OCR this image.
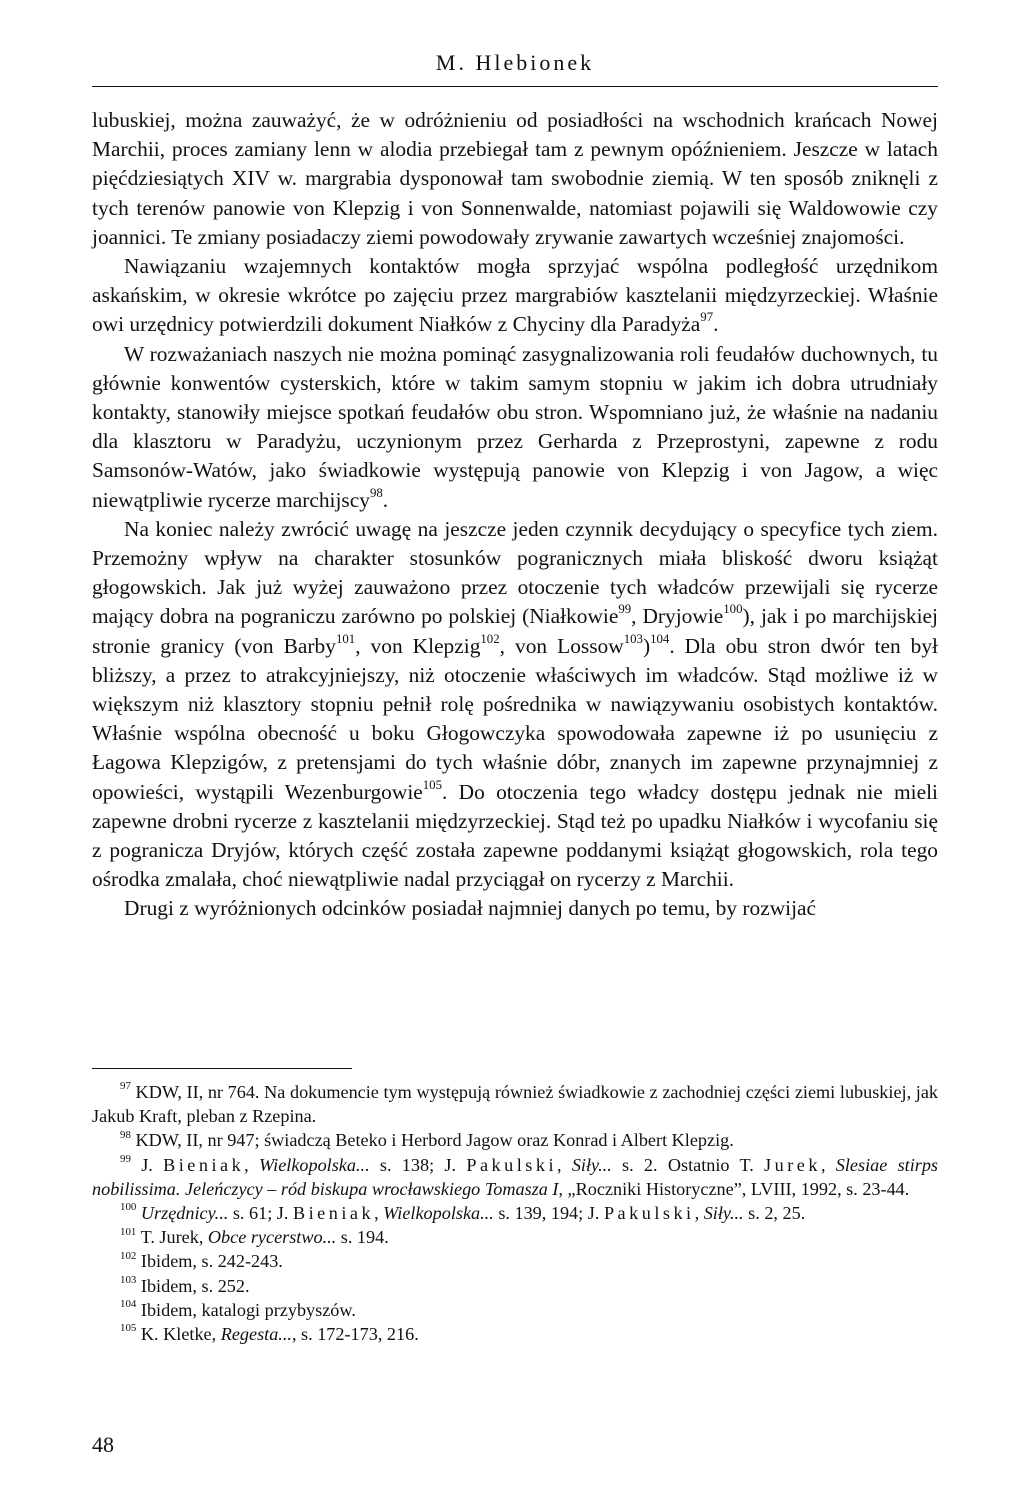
M. Hlebionek

lubuskiej, można zauważyć, że w odróżnieniu od posiadłości na wschodnich krańcach Nowej Marchii, proces zamiany lenn w alodia przebiegał tam z pewnym opóźnieniem. Jeszcze w latach pięćdziesiątych XIV w. margrabia dysponował tam swobodnie ziemią. W ten sposób zniknęli z tych terenów panowie von Klepzig i von Sonnenwalde, natomiast pojawili się Waldowowie czy joannici. Te zmiany posiadaczy ziemi powodowały zrywanie zawartych wcześniej znajomości.

Nawiązaniu wzajemnych kontaktów mogła sprzyjać wspólna podległość urzędnikom askańskim, w okresie wkrótce po zajęciu przez margrabiów kasztelanii międzyrzeckiej. Właśnie owi urzędnicy potwierdzili dokument Niałków z Chyciny dla Paradyża$^{97}$.

W rozważaniach naszych nie można pominąć zasygnalizowania roli feudałów duchownych, tu głównie konwentów cysterskich, które w takim samym stopniu w jakim ich dobra utrudniały kontakty, stanowiły miejsce spotkań feudałów obu stron. Wspomniano już, że właśnie na nadaniu dla klasztoru w Paradyżu, uczynionym przez Gerharda z Przeprostyni, zapewne z rodu Samsonów-Watów, jako świadkowie występują panowie von Klepzig i von Jagow, a więc niewątpliwie rycerze marchijscy$^{98}$.

Na koniec należy zwrócić uwagę na jeszcze jeden czynnik decydujący o specyfice tych ziem. Przemożny wpływ na charakter stosunków pogranicznych miała bliskość dworu książąt głogowskich. Jak już wyżej zauważono przez otoczenie tych władców przewijali się rycerze mający dobra na pograniczu zarówno po polskiej (Niałkowie$^{99}$, Dryjowie$^{100}$), jak i po marchijskiej stronie granicy (von Barby$^{101}$, von Klepzig$^{102}$, von Lossow$^{103}$)$^{104}$. Dla obu stron dwór ten był bliższy, a przez to atrakcyjniejszy, niż otoczenie właściwych im władców. Stąd możliwe iż w większym niż klasztory stopniu pełnił rolę pośrednika w nawiązywaniu osobistych kontaktów. Właśnie wspólna obecność u boku Głogowczyka spowodowała zapewne iż po usunięciu z Łagowa Klepzigów, z pretensjami do tych właśnie dóbr, znanych im zapewne przynajmniej z opowieści, wystąpili Wezenburgowie$^{105}$. Do otoczenia tego władcy dostępu jednak nie mieli zapewne drobni rycerze z kasztelanii międzyrzeckiej. Stąd też po upadku Niałków i wycofaniu się z pogranicza Dryjów, których część została zapewne poddanymi książąt głogowskich, rola tego ośrodka zmalała, choć niewątpliwie nadal przyciągał on rycerzy z Marchii.

Drugi z wyróżnionych odcinków posiadał najmniej danych po temu, by rozwijać

$^{97}$ KDW, II, nr 764. Na dokumencie tym występują również świadkowie z zachodniej części ziemi lubuskiej, jak Jakub Kraft, pleban z Rzepina.

$^{98}$ KDW, II, nr 947; świadczą Beteko i Herbord Jagow oraz Konrad i Albert Klepzig.

$^{99}$ J. Bieniak, Wielkopolska... s. 138; J. Pakulski, Siły... s. 2. Ostatnio T. Jurek, Slesiae stirps nobilissima. Jeleńczycy – ród biskupa wrocławskiego Tomasza I, „Roczniki Historyczne”, LVIII, 1992, s. 23-44.

$^{100}$ Urzędnicy... s. 61; J. Bieniak, Wielkopolska... s. 139, 194; J. Pakulski, Siły... s. 2, 25.

$^{101}$ T. Jurek, Obce rycerstwo... s. 194.

$^{102}$ Ibidem, s. 242-243.

$^{103}$ Ibidem, s. 252.

$^{104}$ Ibidem, katalogi przybyszów.

$^{105}$ K. Kletke, Regesta..., s. 172-173, 216.

48
